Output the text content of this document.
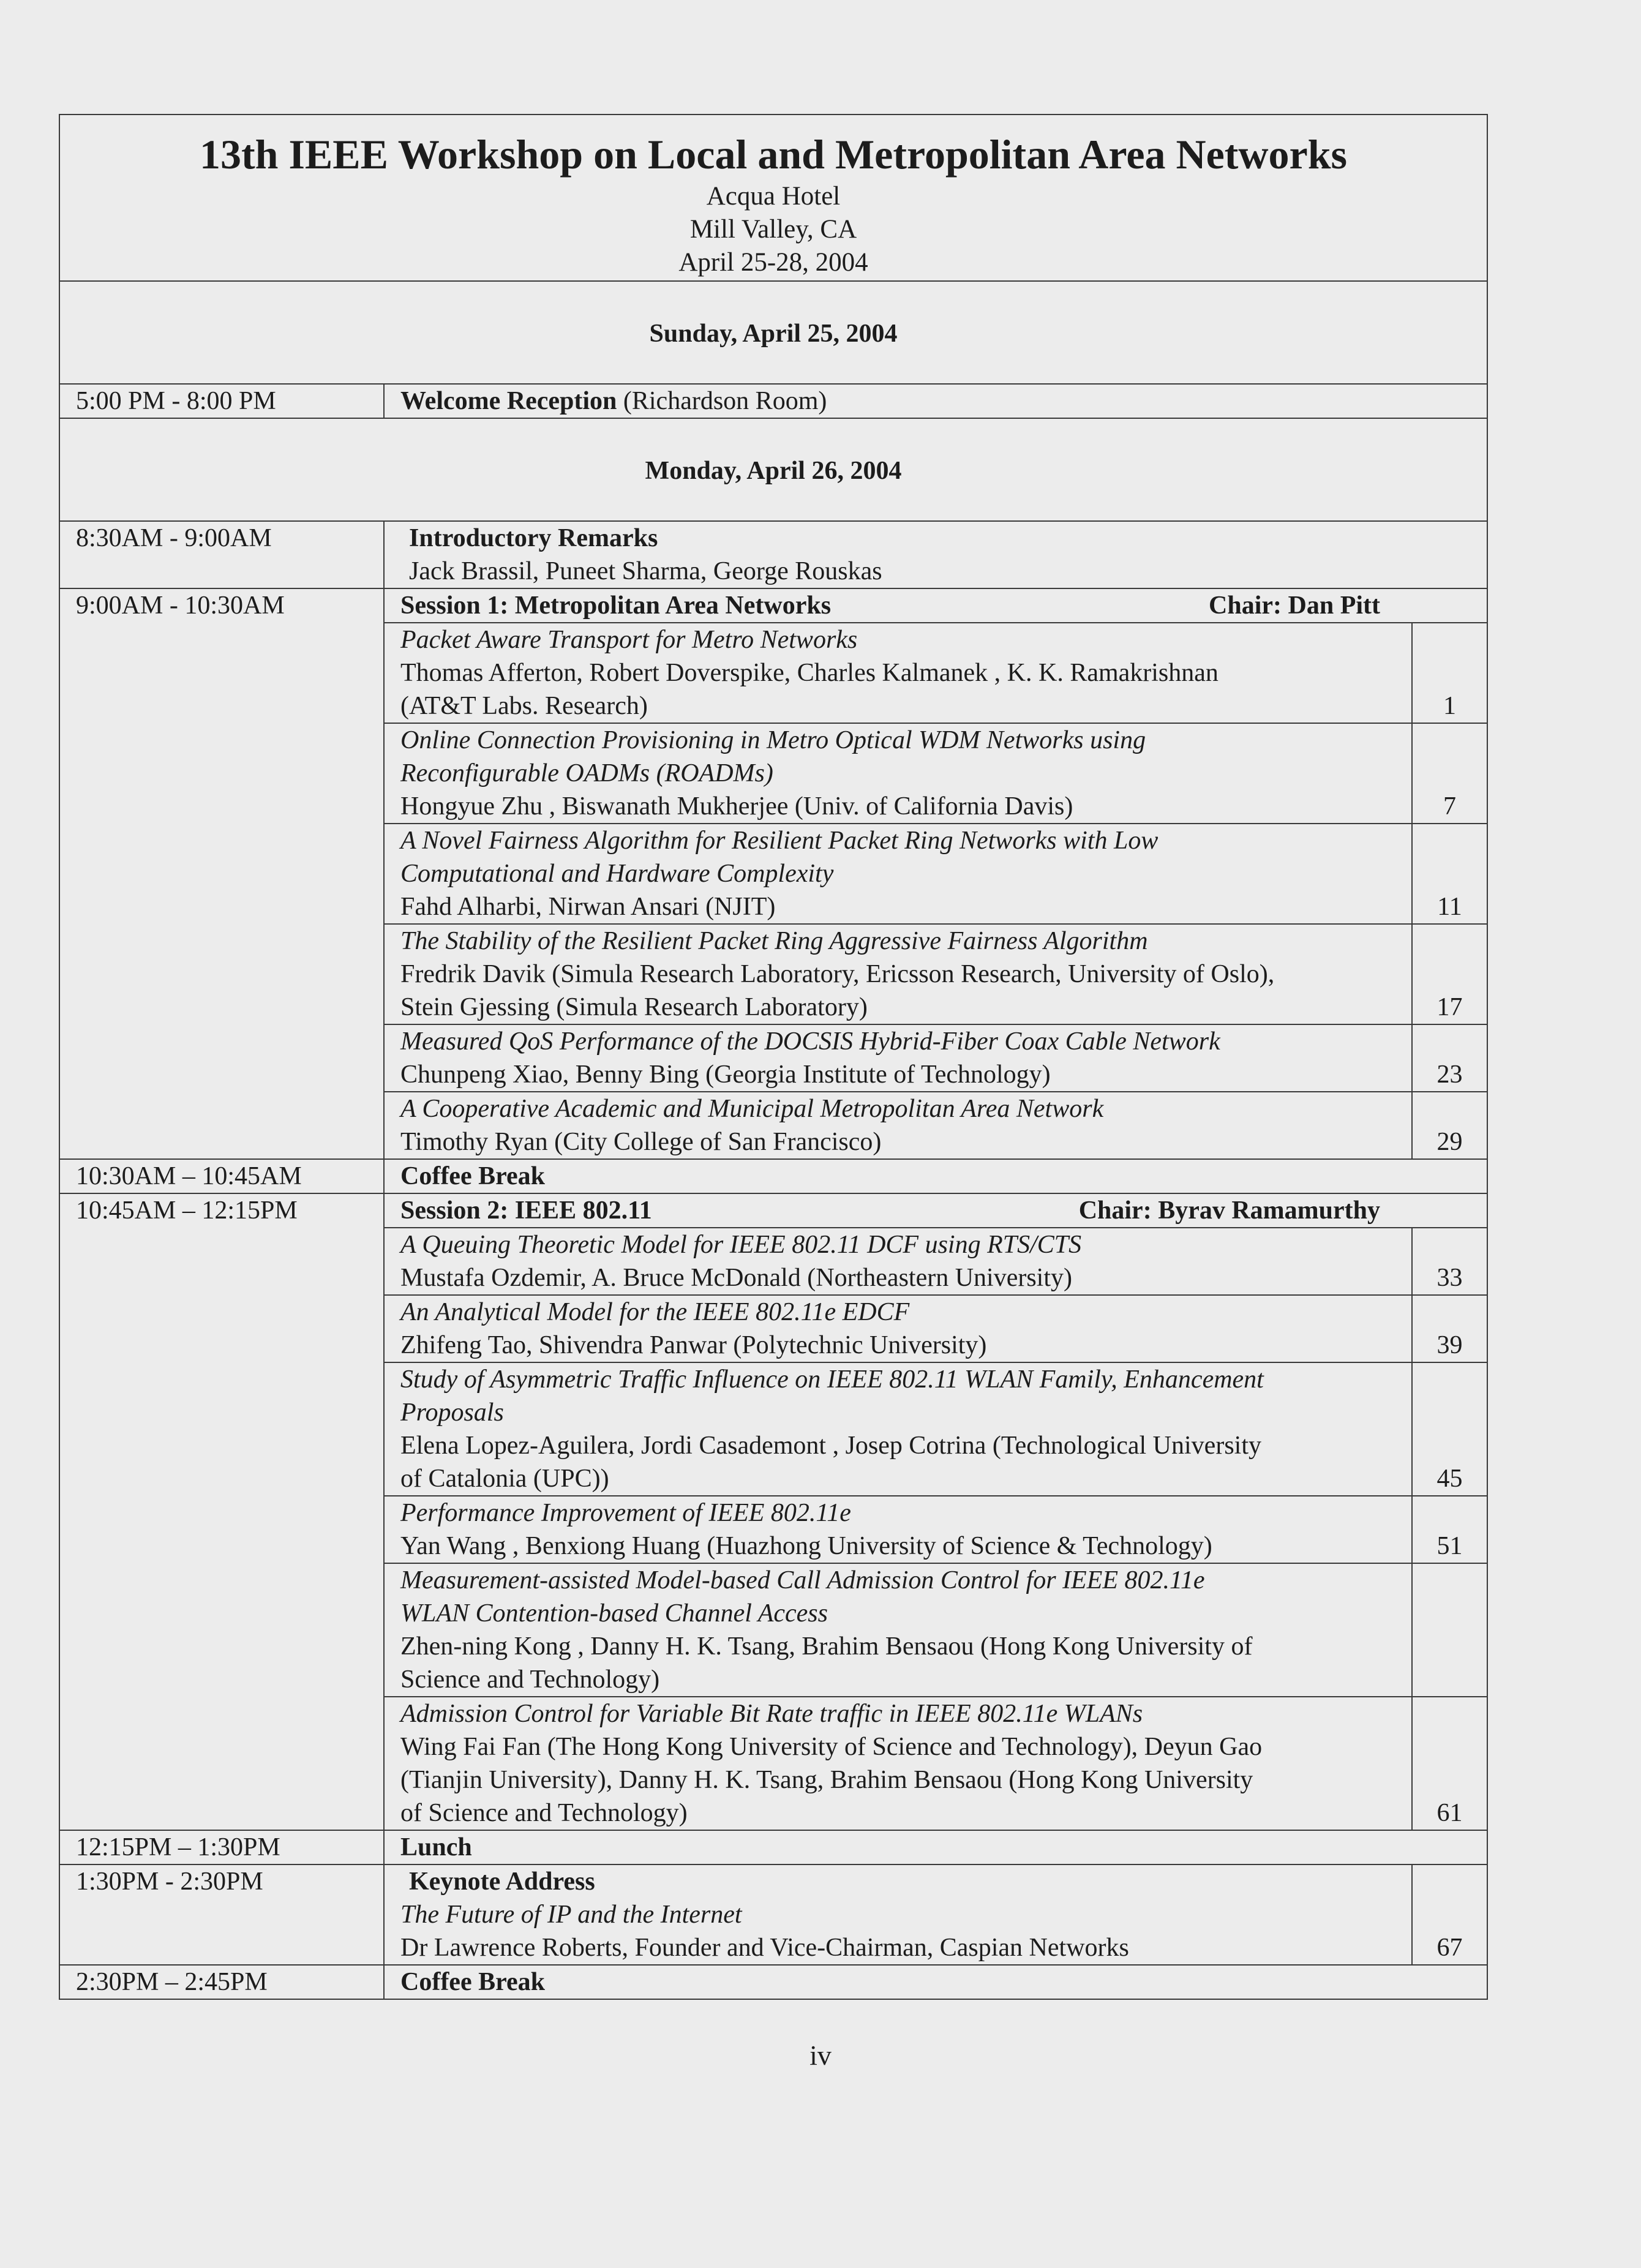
13th IEEE Workshop on Local and Metropolitan Area Networks
Acqua Hotel
Mill Valley, CA
April 25-28, 2004

Sunday, April 25, 2004
5:00 PM - 8:00 PM	Welcome Reception (Richardson Room)
Monday, April 26, 2004
8:30AM - 9:00AM	Introductory Remarks
Jack Brassil, Puneet Sharma, George Rouskas

9:00AM - 10:30AM		Session 1: Metropolitan Area Networks	Chair: Dan Pitt

Packet Aware Transport for Metro Networks
Thomas Afferton, Robert Doverspike, Charles Kalmanek , K. K. Ramakrishnan
(AT&T Labs. Research)	1

Online Connection Provisioning in Metro Optical WDM Networks using
Reconfigurable OADMs (ROADMs)
Hongyue Zhu , Biswanath Mukherjee (Univ. of California Davis)	7

A Novel Fairness Algorithm for Resilient Packet Ring Networks with Low
Computational and Hardware Complexity
Fahd Alharbi, Nirwan Ansari (NJIT)	11

The Stability of the Resilient Packet Ring Aggressive Fairness Algorithm
Fredrik Davik (Simula Research Laboratory, Ericsson Research, University of Oslo),
Stein Gjessing (Simula Research Laboratory)	17

Measured QoS Performance of the DOCSIS Hybrid-Fiber Coax Cable Network
Chunpeng Xiao, Benny Bing (Georgia Institute of Technology)	23

A Cooperative Academic and Municipal Metropolitan Area Network
Timothy Ryan (City College of San Francisco)	29

10:30AM – 10:45AM	Coffee Break
10:45AM – 12:15PM		Session 2: IEEE 802.11	Chair: Byrav Ramamurthy

A Queuing Theoretic Model for IEEE 802.11 DCF using RTS/CTS
Mustafa Ozdemir, A. Bruce McDonald (Northeastern University)	33

An Analytical Model for the IEEE 802.11e EDCF
Zhifeng Tao, Shivendra Panwar (Polytechnic University)	39

Study of Asymmetric Traffic Influence on IEEE 802.11 WLAN Family, Enhancement
Proposals
Elena Lopez-Aguilera, Jordi Casademont , Josep Cotrina (Technological University
of Catalonia (UPC))	45

Performance Improvement of IEEE 802.11e
Yan Wang , Benxiong Huang (Huazhong University of Science & Technology)	51

Measurement-assisted Model-based Call Admission Control for IEEE 802.11e
WLAN Contention-based Channel Access
Zhen-ning Kong , Danny H. K. Tsang, Brahim Bensaou (Hong Kong University of
Science and Technology)

Admission Control for Variable Bit Rate traffic in IEEE 802.11e WLANs
Wing Fai Fan (The Hong Kong University of Science and Technology), Deyun Gao
(Tianjin University), Danny H. K. Tsang, Brahim Bensaou (Hong Kong University
of Science and Technology)	61

12:15PM – 1:30PM	Lunch
1:30PM - 2:30PM		Keynote Address
The Future of IP and the Internet
Dr Lawrence Roberts, Founder and Vice-Chairman, Caspian Networks	67

2:30PM – 2:45PM	Coffee Break
iv
